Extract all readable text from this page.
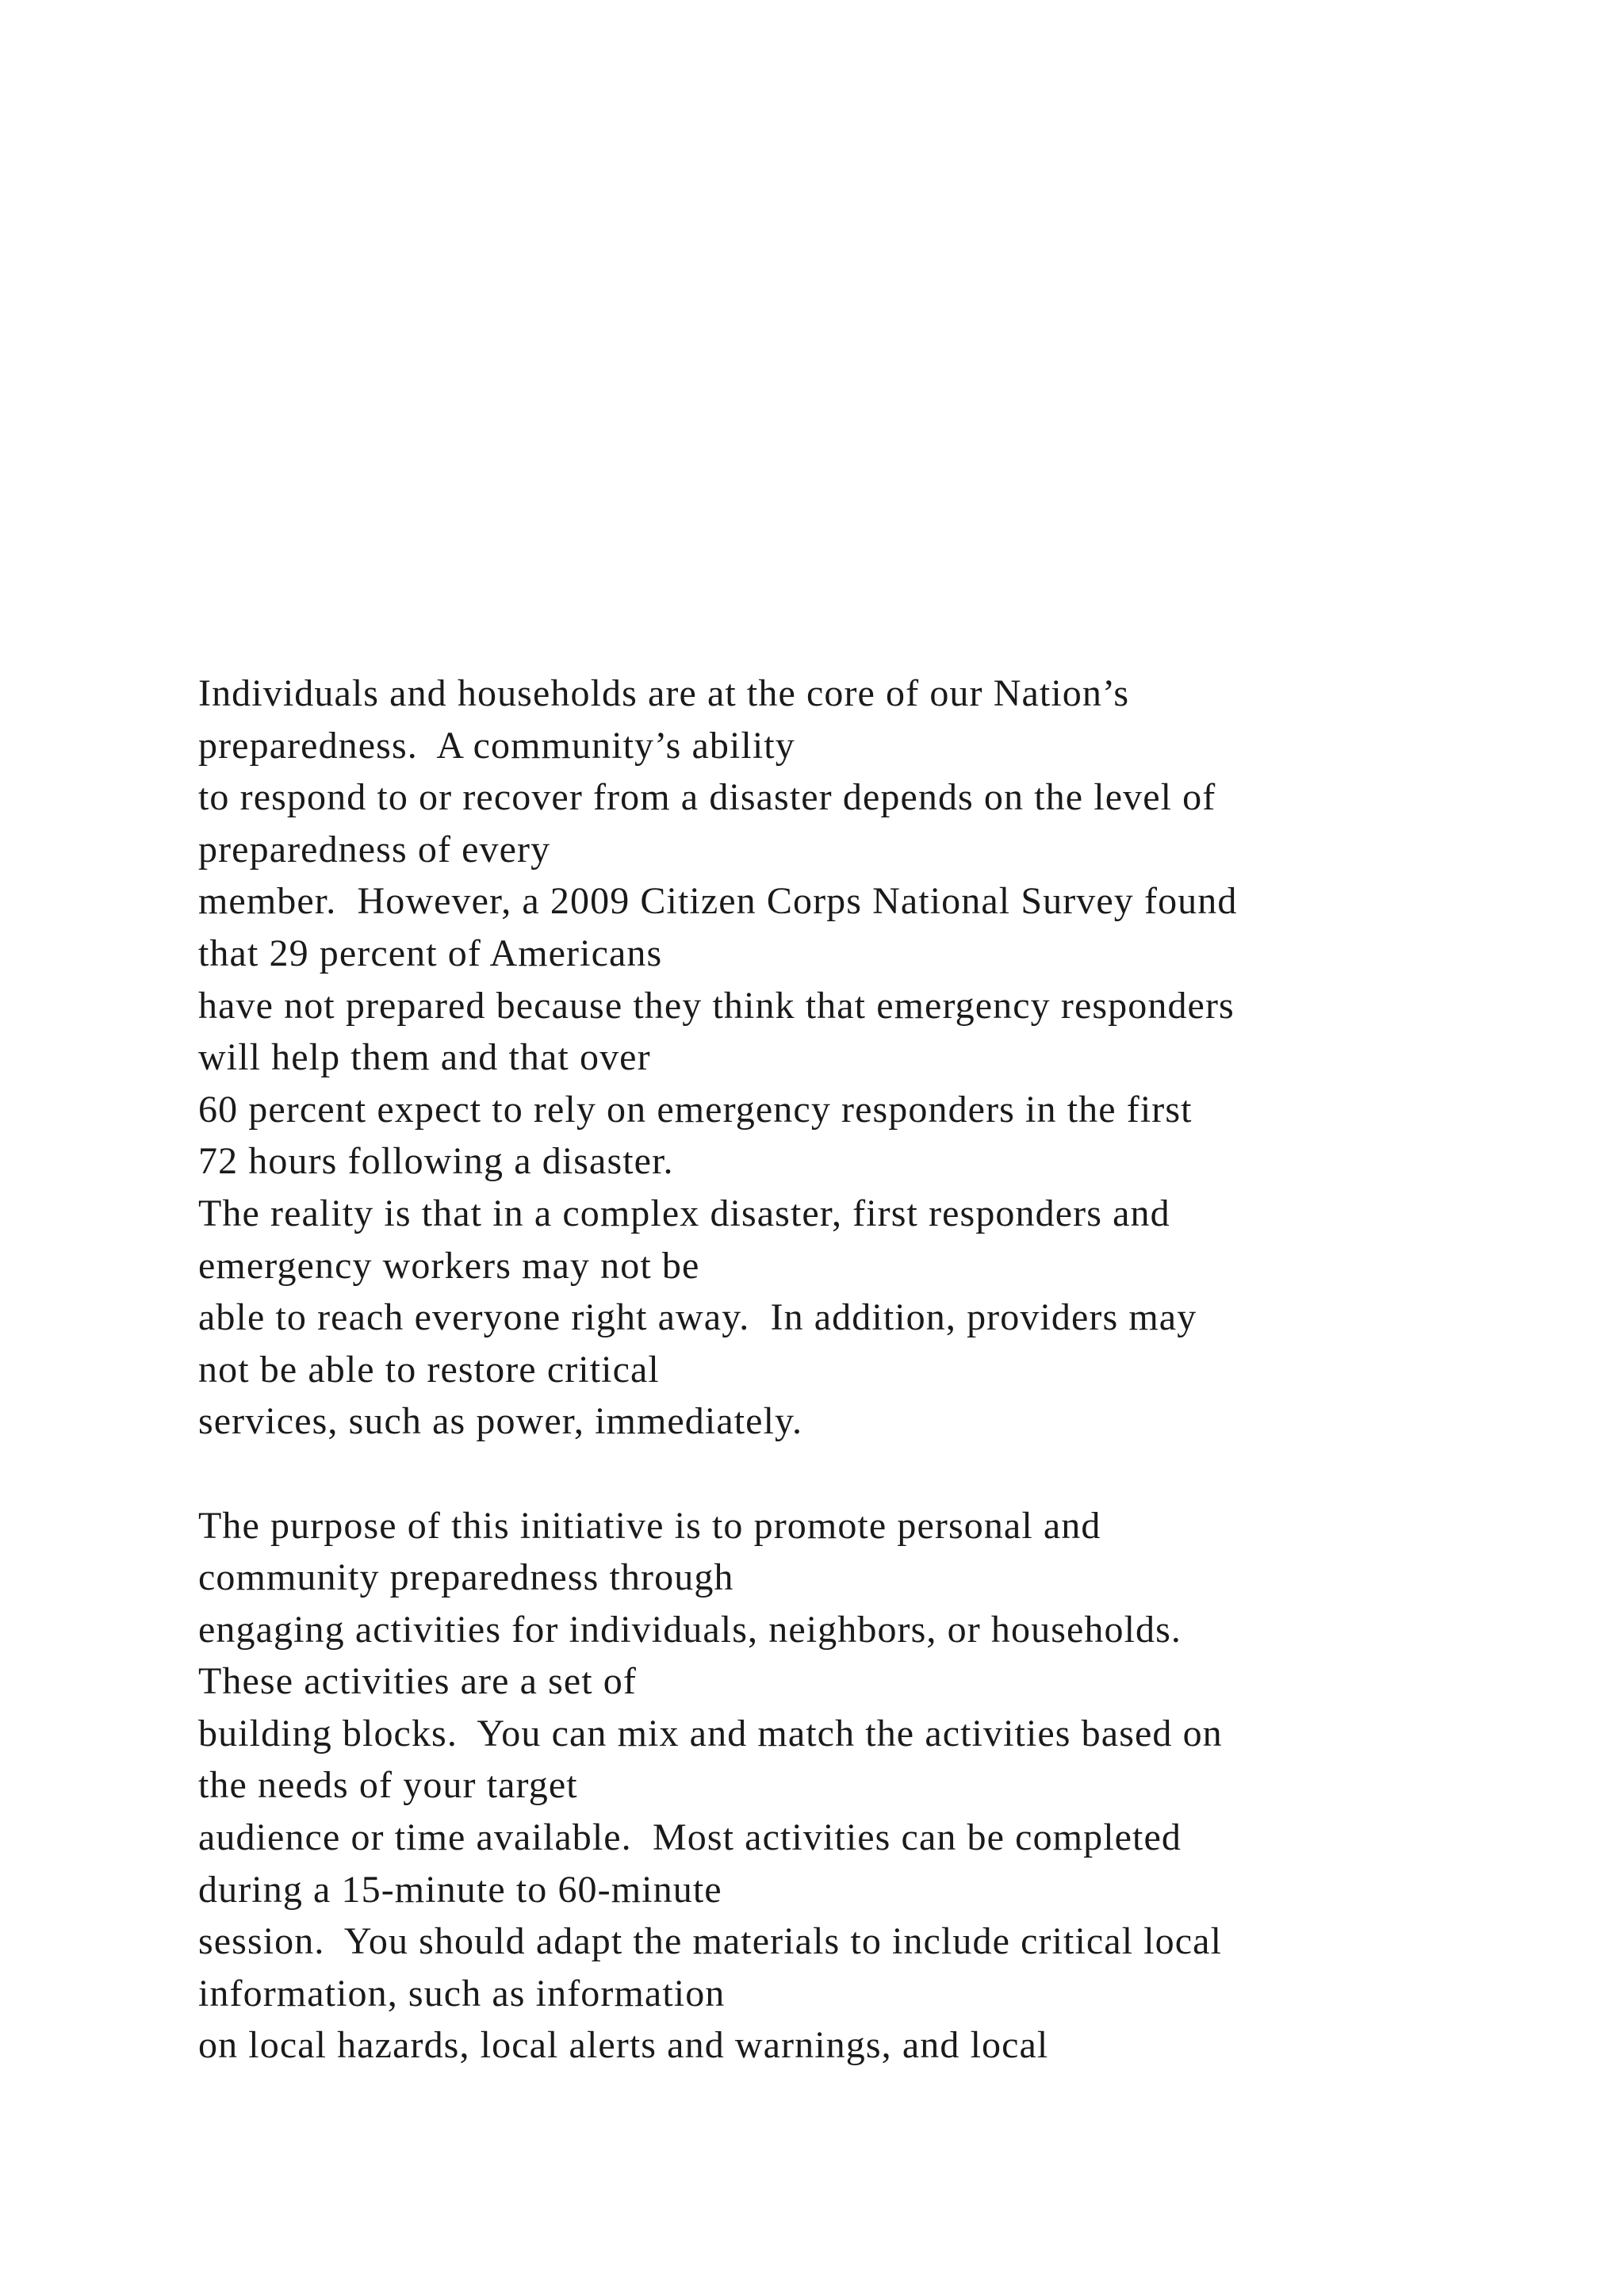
Individuals and households are at the core of our Nation’s
preparedness.  A community’s ability
to respond to or recover from a disaster depends on the level of
preparedness of every
member.  However, a 2009 Citizen Corps National Survey found
that 29 percent of Americans
have not prepared because they think that emergency responders
will help them and that over
60 percent expect to rely on emergency responders in the first
72 hours following a disaster.
The reality is that in a complex disaster, first responders and
emergency workers may not be
able to reach everyone right away.  In addition, providers may
not be able to restore critical
services, such as power, immediately.
The purpose of this initiative is to promote personal and
community preparedness through
engaging activities for individuals, neighbors, or households.
These activities are a set of
building blocks.  You can mix and match the activities based on
the needs of your target
audience or time available.  Most activities can be completed
during a 15-minute to 60-minute
session.  You should adapt the materials to include critical local
information, such as information
on local hazards, local alerts and warnings, and local
